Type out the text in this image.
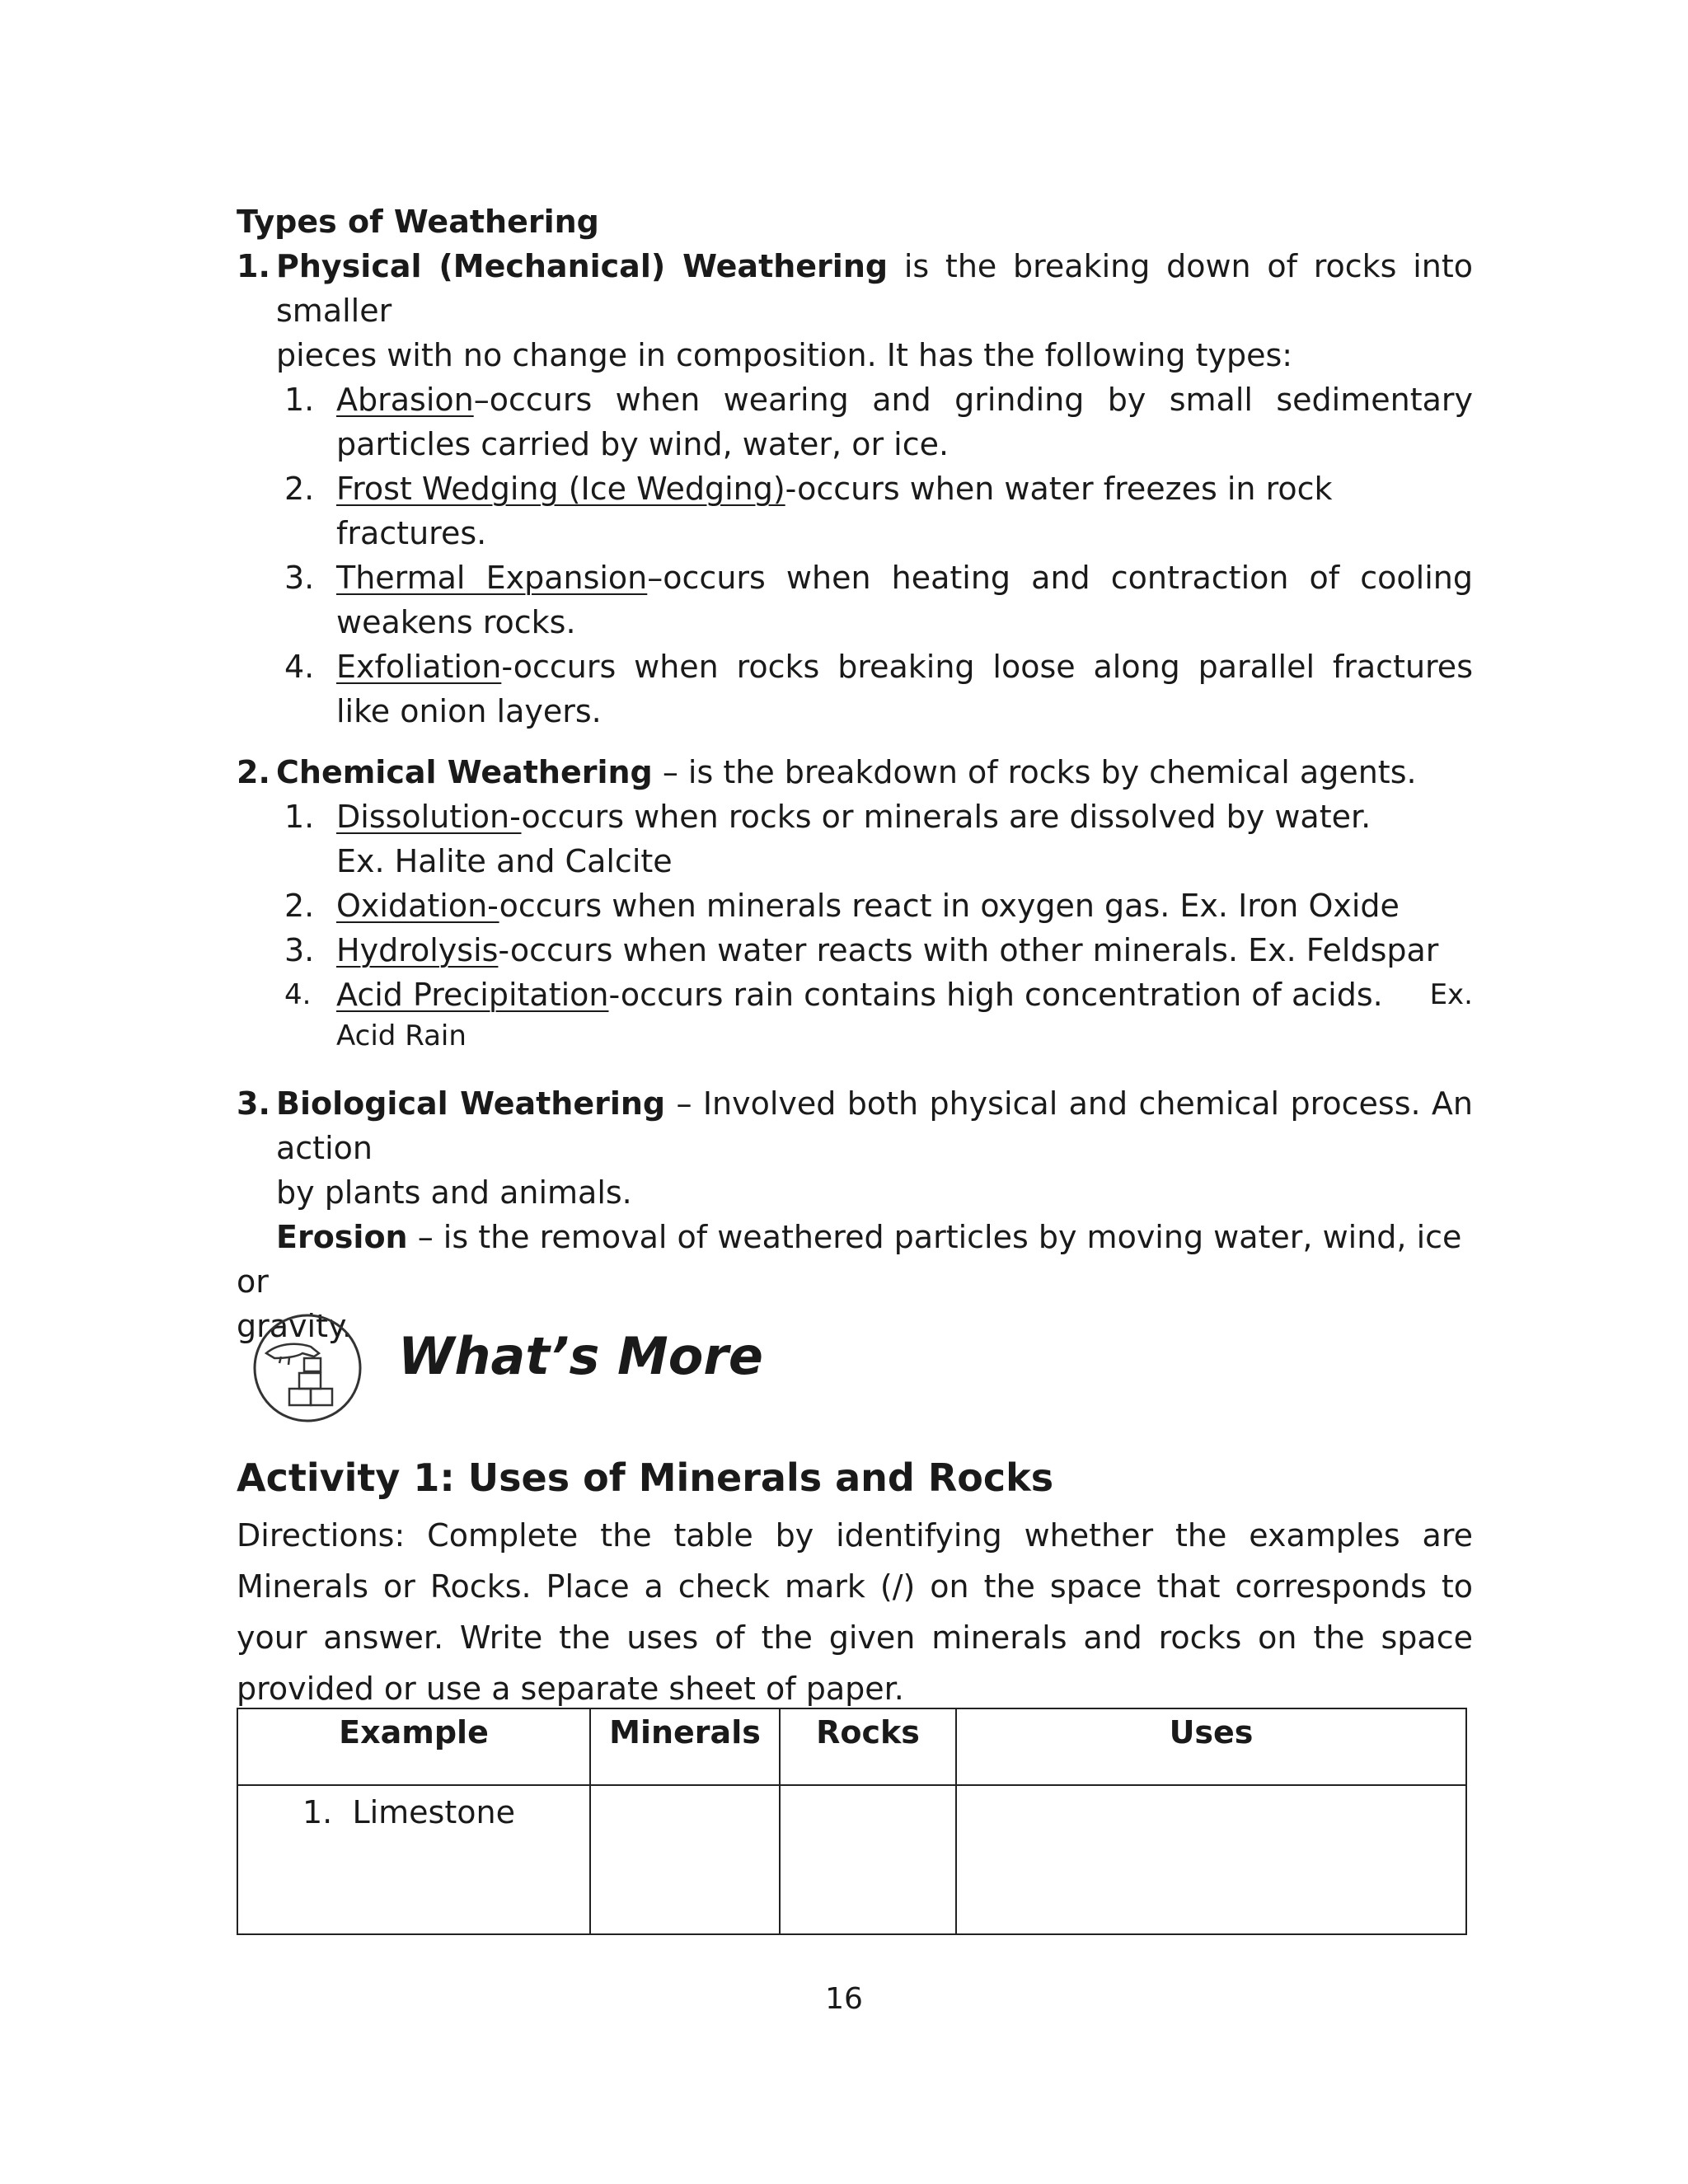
Types of Weathering
1. Physical (Mechanical) Weathering is the breaking down of rocks into smaller
pieces with no change in composition. It has the following types:
1. Abrasion–occurs when wearing and grinding by small sedimentary particles carried by wind, water, or ice.
2. Frost Wedging (Ice Wedging)-occurs when water freezes in rock fractures.
3. Thermal Expansion–occurs when heating and contraction of cooling weakens rocks.
4. Exfoliation-occurs when rocks breaking loose along parallel fractures like onion layers.
2. Chemical Weathering – is the breakdown of rocks by chemical agents.
1. Dissolution-occurs when rocks or minerals are dissolved by water.
Ex. Halite and Calcite
2. Oxidation-occurs when minerals react in oxygen gas. Ex. Iron Oxide
3. Hydrolysis-occurs when water reacts with other minerals. Ex. Feldspar
4. Acid Precipitation-occurs rain contains high concentration of acids. Ex.
Acid Rain
3. Biological Weathering – Involved both physical and chemical process. An action
by plants and animals.
Erosion – is the removal of weathered particles by moving water, wind, ice or
gravity. What’s More
Activity 1: Uses of Minerals and Rocks
Directions: Complete the table by identifying whether the examples are Minerals or Rocks. Place a check mark (/) on the space that corresponds to your answer. Write the uses of the given minerals and rocks on the space provided or use a separate sheet of paper.
Example	Minerals	Rocks	Uses
1. Limestone			
16
